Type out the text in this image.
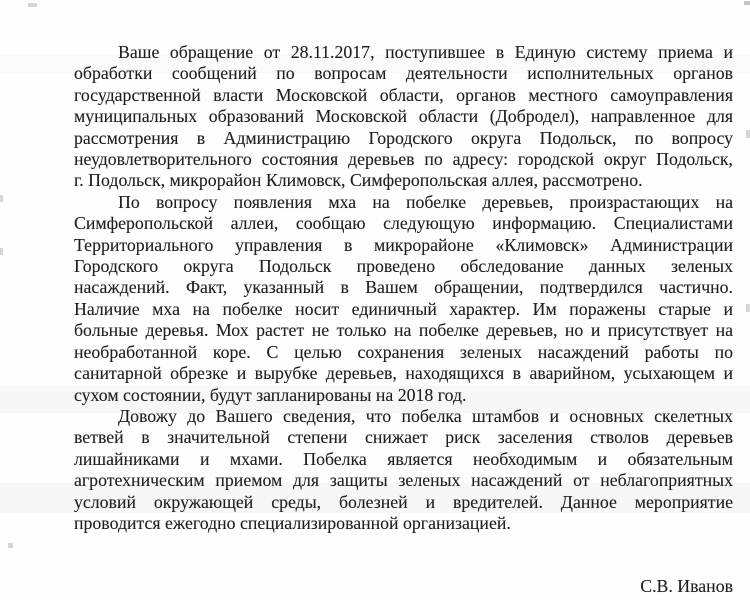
Ваше обращение от 28.11.2017, поступившее в Единую систему приема и
обработки сообщений по вопросам деятельности исполнительных органов
государственной власти Московской области, органов местного самоуправления
муниципальных образований Московской области (Добродел), направленное для
рассмотрения в Администрацию Городского округа Подольск, по вопросу
неудовлетворительного состояния деревьев по адресу: городской округ Подольск,
г. Подольск, микрорайон Климовск, Симферопольская аллея, рассмотрено.
По вопросу появления мха на побелке деревьев, произрастающих на
Симферопольской аллеи, сообщаю следующую информацию. Специалистами
Территориального управления в микрорайоне «Климовск» Администрации
Городского округа Подольск проведено обследование данных зеленых
насаждений. Факт, указанный в Вашем обращении, подтвердился частично.
Наличие мха на побелке носит единичный характер. Им поражены старые и
больные деревья. Мох растет не только на побелке деревьев, но и присутствует на
необработанной коре. С целью сохранения зеленых насаждений работы по
санитарной обрезке и вырубке деревьев, находящихся в аварийном, усыхающем и
сухом состоянии, будут запланированы на 2018 год.
Довожу до Вашего сведения, что побелка штамбов и основных скелетных
ветвей в значительной степени снижает риск заселения стволов деревьев
лишайниками и мхами. Побелка является необходимым и обязательным
агротехническим приемом для защиты зеленых насаждений от неблагоприятных
условий окружающей среды, болезней и вредителей. Данное мероприятие
проводится ежегодно специализированной организацией.
С.В. Иванов
